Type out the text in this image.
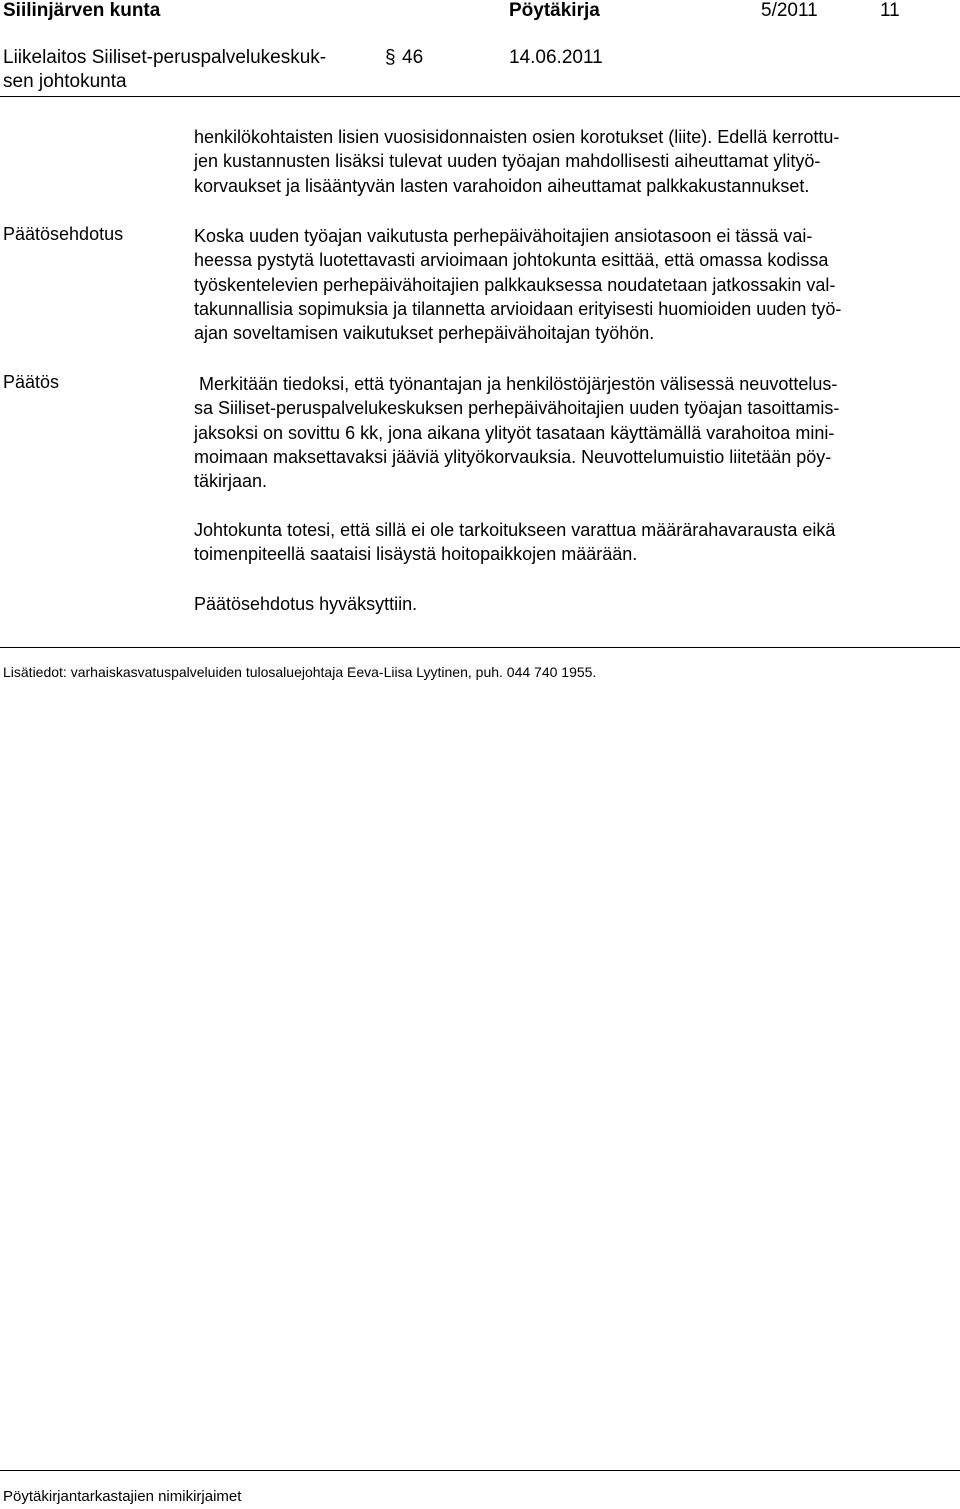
Siilinjärven kunta	Pöytäkirja	5/2011	11
Liikelaitos Siiliset-peruspalvelukeskuk-
sen johtokunta
§ 46	14.06.2011
henkilökohtaisten lisien vuosisidonnaisten osien korotukset (liite). Edellä kerrottu-
jen kustannusten lisäksi tulevat uuden työajan mahdollisesti aiheuttamat ylityö-
korvaukset ja lisääntyvän lasten varahoidon aiheuttamat palkkakustannukset.
Päätösehdotus	Koska uuden työajan vaikutusta perhepäivähoitajien ansiotasoon ei tässä vai-
heessa pystytä luotettavasti arvioimaan johtokunta esittää, että omassa kodissa
työskentelevien perhepäivähoitajien palkkauksessa noudatetaan jatkossakin val-
takunnallisia sopimuksia ja tilannetta arvioidaan erityisesti huomioiden uuden työ-
ajan soveltamisen vaikutukset perhepäivähoitajan työhön.
Päätös	Merkitään tiedoksi, että työnantajan ja henkilöstöjärjestön välisessä neuvottelus-
sa Siiliset-peruspalvelukeskuksen perhepäivähoitajien uuden työajan tasoittamis-
jaksoksi on sovittu 6 kk, jona aikana ylityöt tasataan käyttämällä varahoitoa mini-
moimaan maksettavaksi jääviä ylityökorvauksia. Neuvottelumuistio liitetään pöy-
täkirjaan.
Johtokunta totesi, että sillä ei ole tarkoitukseen varattua määrärahavarausta eikä
toimenpiteellä saataisi lisäystä hoitopaikkojen määrään.
Päätösehdotus hyväksyttiin.
Lisätiedot: varhaiskasvatuspalveluiden tulosaluejohtaja Eeva-Liisa Lyytinen, puh. 044 740 1955.
Pöytäkirjantarkastajien nimikirjaimet
